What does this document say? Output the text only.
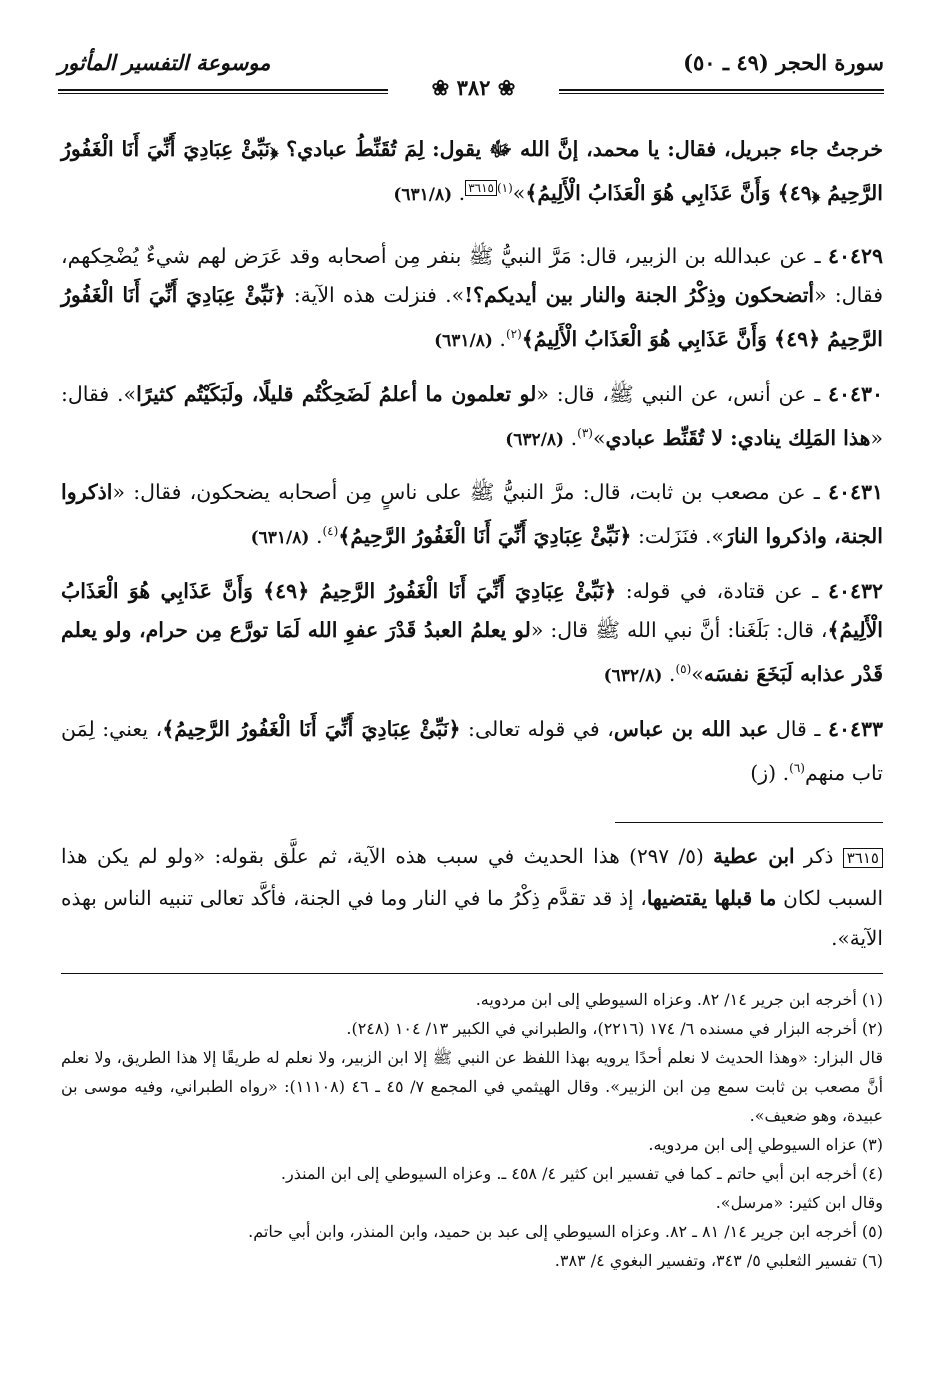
سورة الحجر (٤٩ ـ ٥٠)
موسوعة التفسير المأثور
❀ ٣٨٢ ❀

خرجتُ جاء جبريل، فقال: يا محمد، إنَّ الله ﷻ يقول: لِمَ تُقَنِّطُ عبادي؟ ﴿نَبِّئْ عِبَادِيَ أَنِّيَ أَنَا الْغَفُورُ الرَّحِيمُ ﴿٤٩﴾ وَأَنَّ عَذَابِي هُوَ الْعَذَابُ الْأَلِيمُ﴾»$^{(١)٣٦١٥}$. (٦٣١/٨)

٤٠٤٢٩ ـ عن عبدالله بن الزبير، قال: مَرَّ النبيُّ ﷺ بنفر مِن أصحابه وقد عَرَض لهم شيءٌ يُضْحِكهم، فقال: «أتضحكون وذِكْرُ الجنة والنار بين أيديكم؟!». فنزلت هذه الآية: ﴿نَبِّئْ عِبَادِيَ أَنِّيَ أَنَا الْغَفُورُ الرَّحِيمُ ﴿٤٩﴾ وَأَنَّ عَذَابِي هُوَ الْعَذَابُ الْأَلِيمُ﴾$^{(٢)}$. (٦٣١/٨)

٤٠٤٣٠ ـ عن أنس، عن النبي ﷺ، قال: «لو تعلمون ما أعلمُ لَضَحِكْتُم قليلًا، ولَبَكَيْتُم كثيرًا». فقال: «هذا المَلِك ينادي: لا تُقَنِّط عبادي»$^{(٣)}$. (٦٣٢/٨)

٤٠٤٣١ ـ عن مصعب بن ثابت، قال: مرَّ النبيُّ ﷺ على ناسٍ مِن أصحابه يضحكون، فقال: «اذكروا الجنة، واذكروا النارَ». فنَزَلت: ﴿نَبِّئْ عِبَادِيَ أَنِّيَ أَنَا الْغَفُورُ الرَّحِيمُ﴾$^{(٤)}$. (٦٣١/٨)

٤٠٤٣٢ ـ عن قتادة، في قوله: ﴿نَبِّئْ عِبَادِيَ أَنِّيَ أَنَا الْغَفُورُ الرَّحِيمُ ﴿٤٩﴾ وَأَنَّ عَذَابِي هُوَ الْعَذَابُ الْأَلِيمُ﴾، قال: بَلَغَنا: أنَّ نبي الله ﷺ قال: «لو يعلمُ العبدُ قَدْرَ عفوِ الله لَمَا تورَّع مِن حرام، ولو يعلم قَدْر عذابه لَبَخَعَ نفسَه»$^{(٥)}$. (٦٣٢/٨)

٤٠٤٣٣ ـ قال عبد الله بن عباس، في قوله تعالى: ﴿نَبِّئْ عِبَادِيَ أَنِّيَ أَنَا الْغَفُورُ الرَّحِيمُ﴾، يعني: لِمَن تاب منهم$^{(٦)}$. (ز)

٣٦١٥ ذكر ابن عطية (٥/ ٢٩٧) هذا الحديث في سبب هذه الآية، ثم علَّق بقوله: «ولو لم يكن هذا السبب لكان ما قبلها يقتضيها، إذ قد تقدَّم ذِكْرُ ما في النار وما في الجنة، فأكَّد تعالى تنبيه الناس بهذه الآية».

(١) أخرجه ابن جرير ١٤/ ٨٢. وعزاه السيوطي إلى ابن مردويه.

(٢) أخرجه البزار في مسنده ٦/ ١٧٤ (٢٢١٦)، والطبراني في الكبير ١٣/ ١٠٤ (٢٤٨).

قال البزار: «وهذا الحديث لا نعلم أحدًا يرويه بهذا اللفظ عن النبي ﷺ إلا ابن الزبير، ولا نعلم له طريقًا إلا هذا الطريق، ولا نعلم أنَّ مصعب بن ثابت سمع مِن ابن الزبير». وقال الهيثمي في المجمع ٧/ ٤٥ ـ ٤٦ (١١١٠٨): «رواه الطبراني، وفيه موسى بن عبيدة، وهو ضعيف».

(٣) عزاه السيوطي إلى ابن مردويه.

(٤) أخرجه ابن أبي حاتم ـ كما في تفسير ابن كثير ٤/ ٤٥٨ ـ. وعزاه السيوطي إلى ابن المنذر.

وقال ابن كثير: «مرسل».

(٥) أخرجه ابن جرير ١٤/ ٨١ ـ ٨٢. وعزاه السيوطي إلى عبد بن حميد، وابن المنذر، وابن أبي حاتم.

(٦) تفسير الثعلبي ٥/ ٣٤٣، وتفسير البغوي ٤/ ٣٨٣.
